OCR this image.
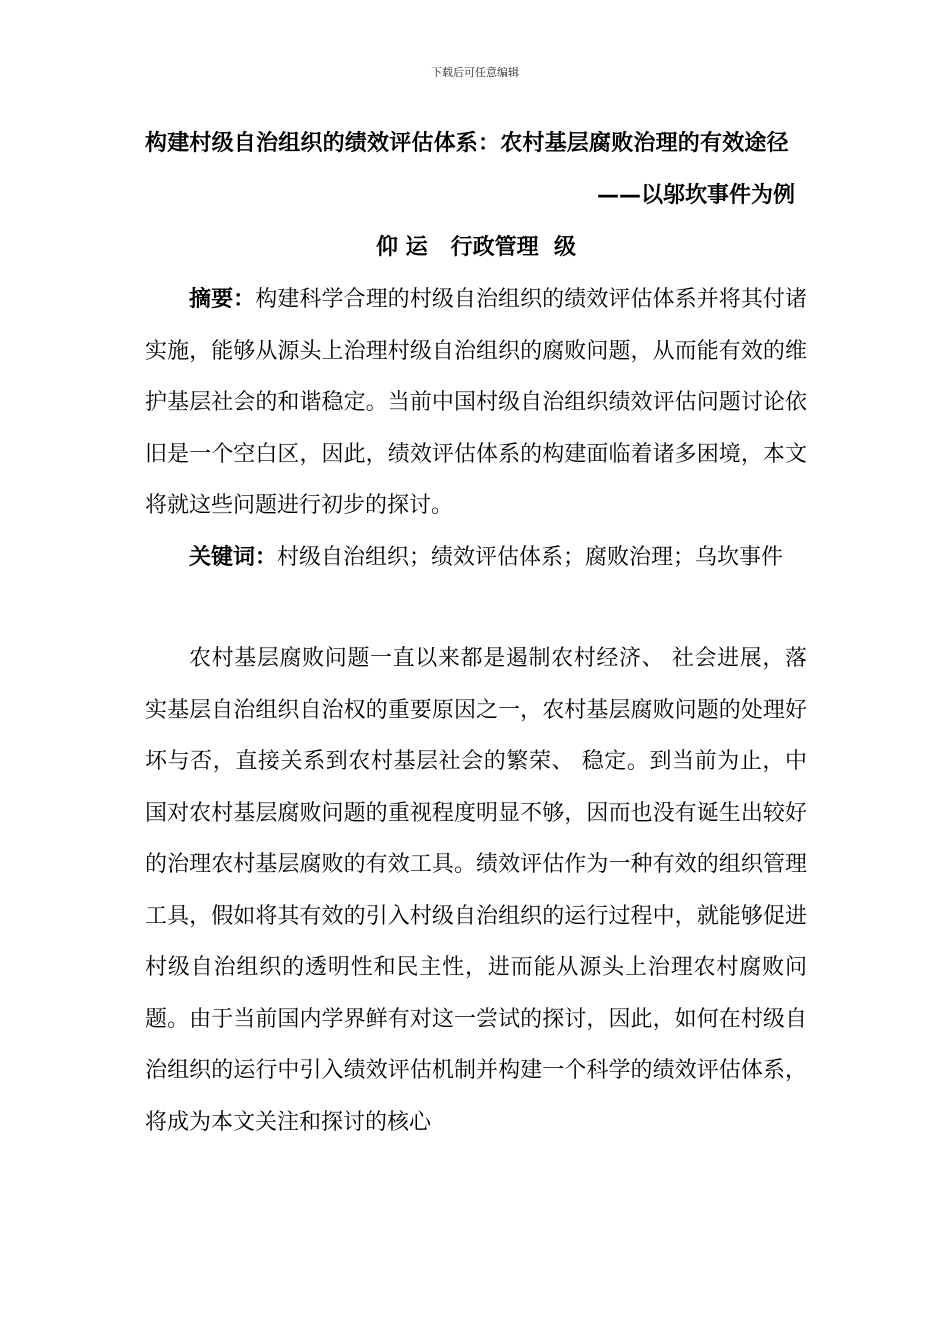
下载后可任意编辑
构建村级自治组织的绩效评估体系：农村基层腐败治理的有效途径

——以邬坎事件为例

仰 运   行政管理  级

摘要：构建科学合理的村级自治组织的绩效评估体系并将其付诸实施，能够从源头上治理村级自治组织的腐败问题，从而能有效的维护基层社会的和谐稳定。当前中国村级自治组织绩效评估问题讨论依旧是一个空白区，因此，绩效评估体系的构建面临着诸多困境，本文将就这些问题进行初步的探讨。

关键词：村级自治组织；绩效评估体系；腐败治理；乌坎事件

农村基层腐败问题一直以来都是遏制农村经济、 社会进展，落实基层自治组织自治权的重要原因之一，农村基层腐败问题的处理好坏与否，直接关系到农村基层社会的繁荣、 稳定。到当前为止，中国对农村基层腐败问题的重视程度明显不够，因而也没有诞生出较好的治理农村基层腐败的有效工具。绩效评估作为一种有效的组织管理工具，假如将其有效的引入村级自治组织的运行过程中，就能够促进村级自治组织的透明性和民主性，进而能从源头上治理农村腐败问题。由于当前国内学界鲜有对这一尝试的探讨，因此，如何在村级自治组织的运行中引入绩效评估机制并构建一个科学的绩效评估体系，将成为本文关注和探讨的核心
